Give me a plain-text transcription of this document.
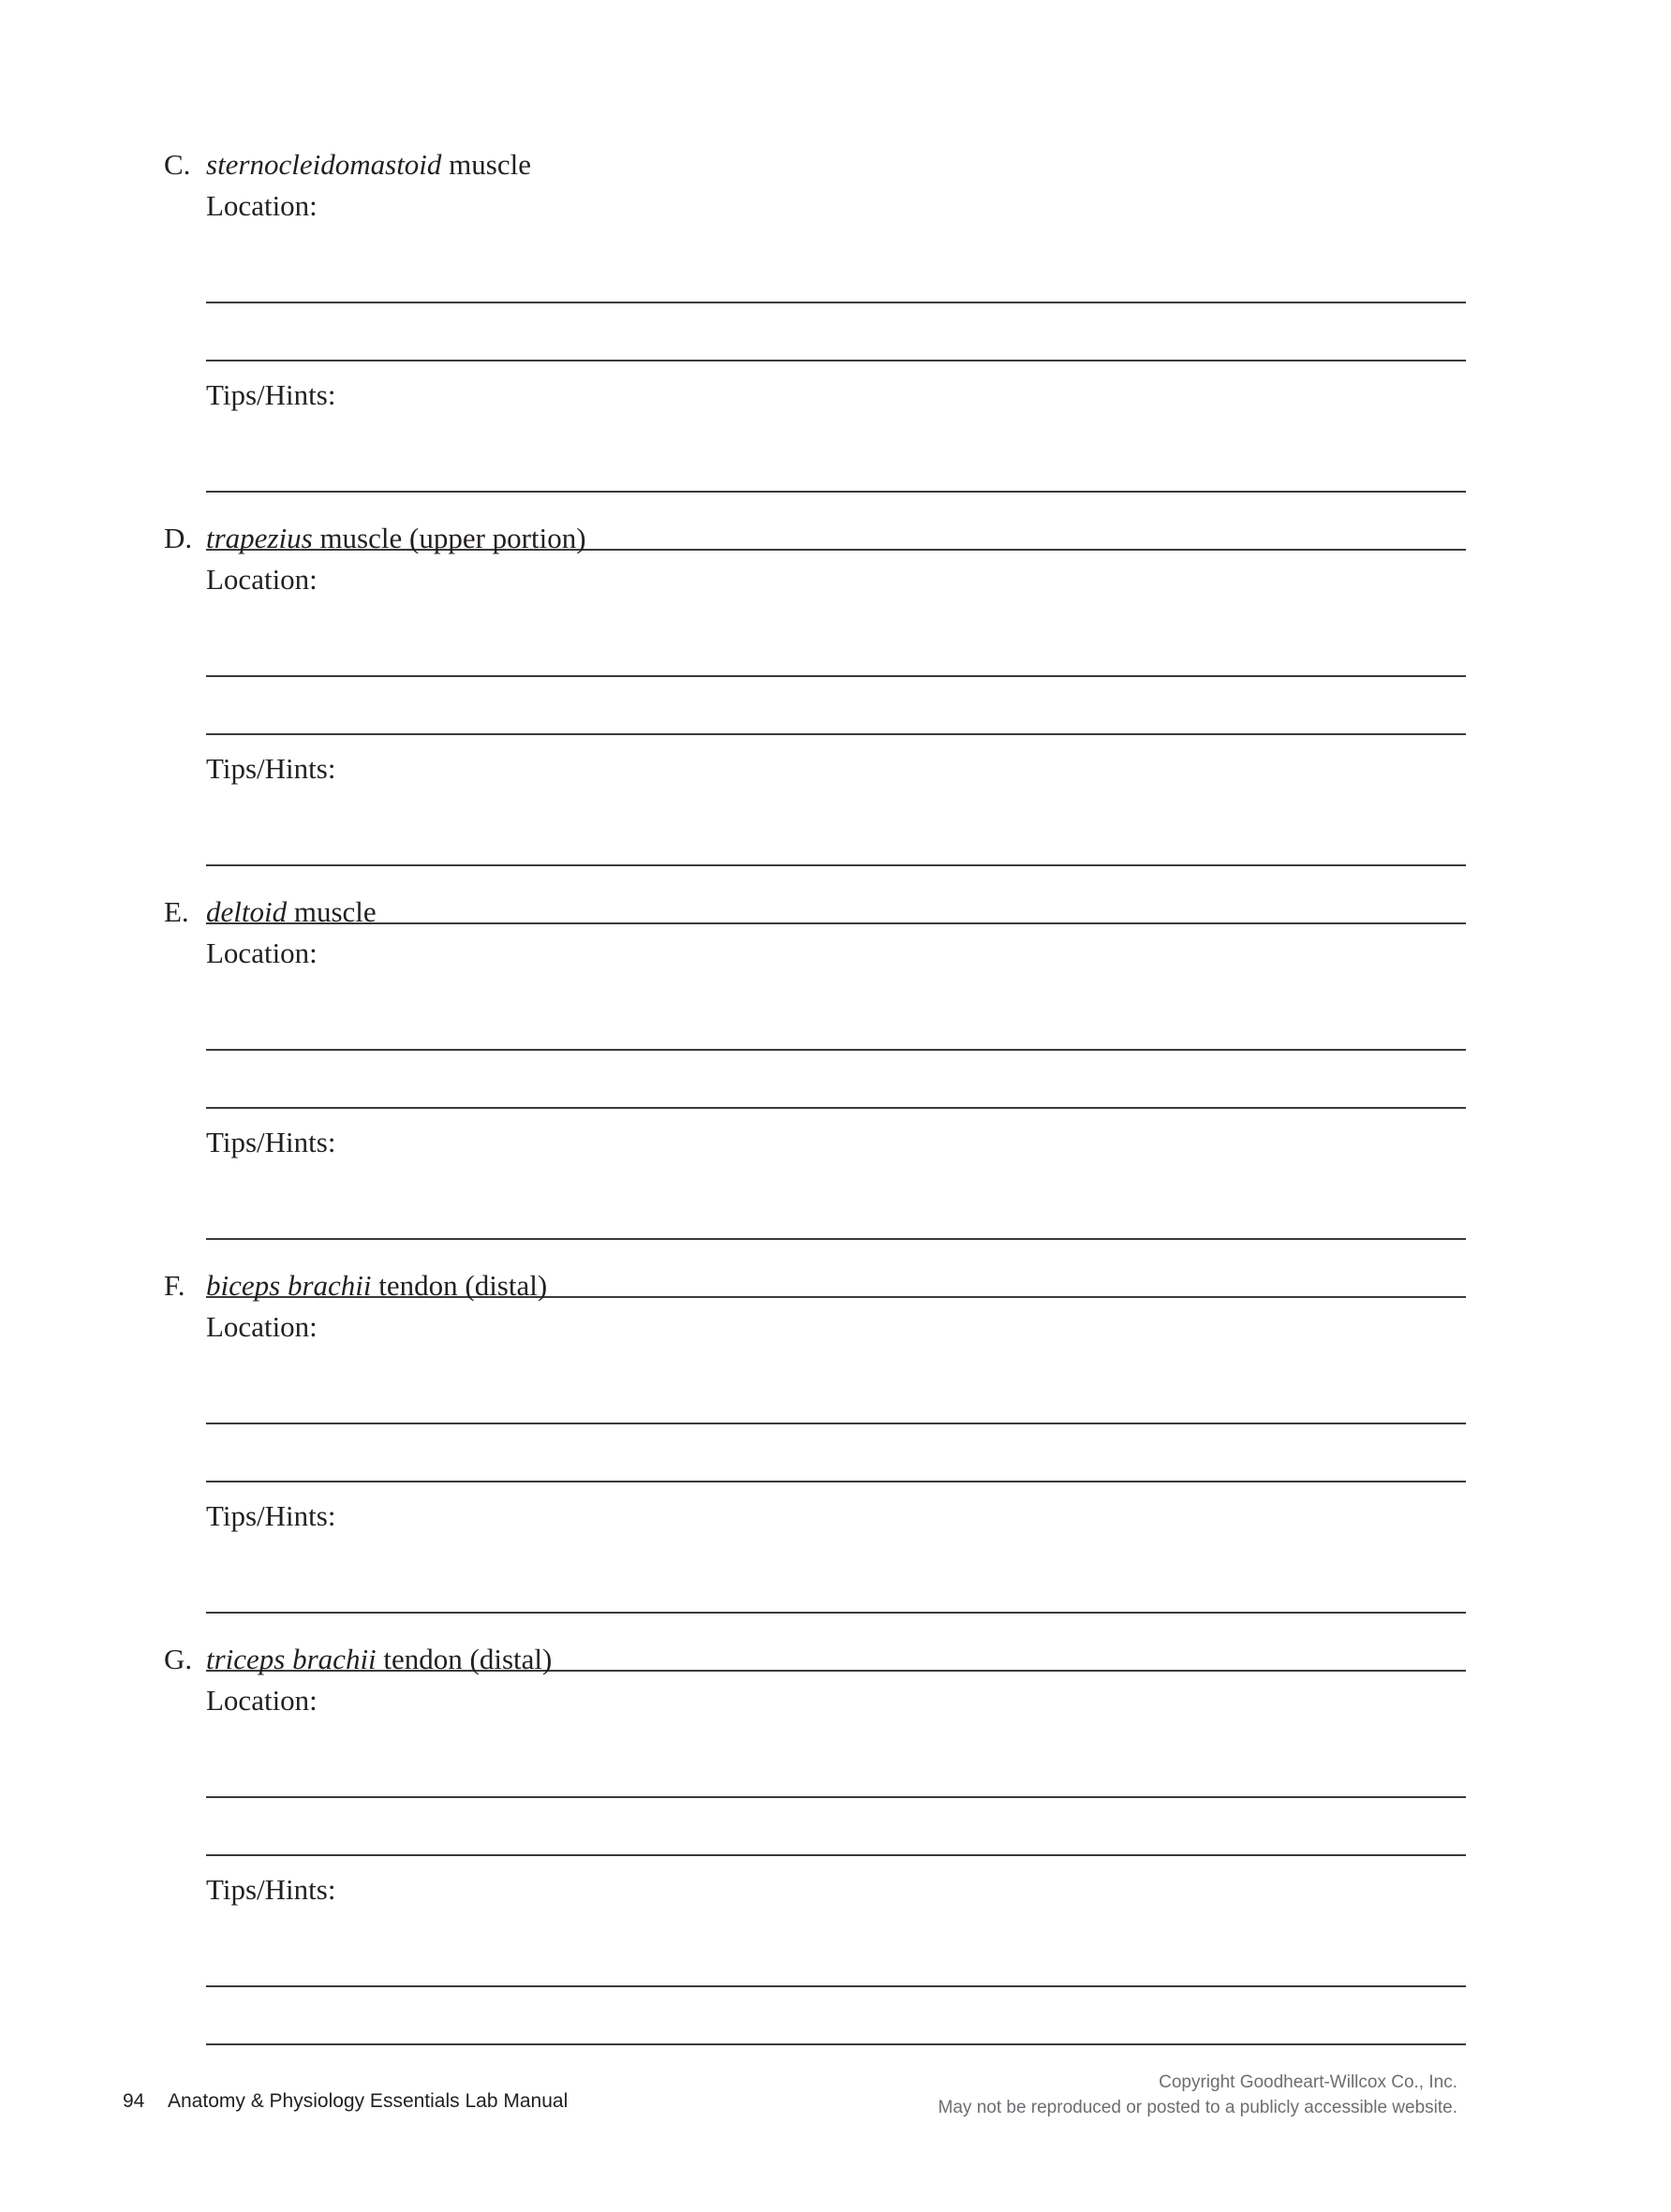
C. sternocleidomastoid muscle
Location:
Tips/Hints:
D. trapezius muscle (upper portion)
Location:
Tips/Hints:
E. deltoid muscle
Location:
Tips/Hints:
F. biceps brachii tendon (distal)
Location:
Tips/Hints:
G. triceps brachii tendon (distal)
Location:
Tips/Hints:
94 Anatomy & Physiology Essentials Lab Manual
Copyright Goodheart-Willcox Co., Inc.
May not be reproduced or posted to a publicly accessible website.
